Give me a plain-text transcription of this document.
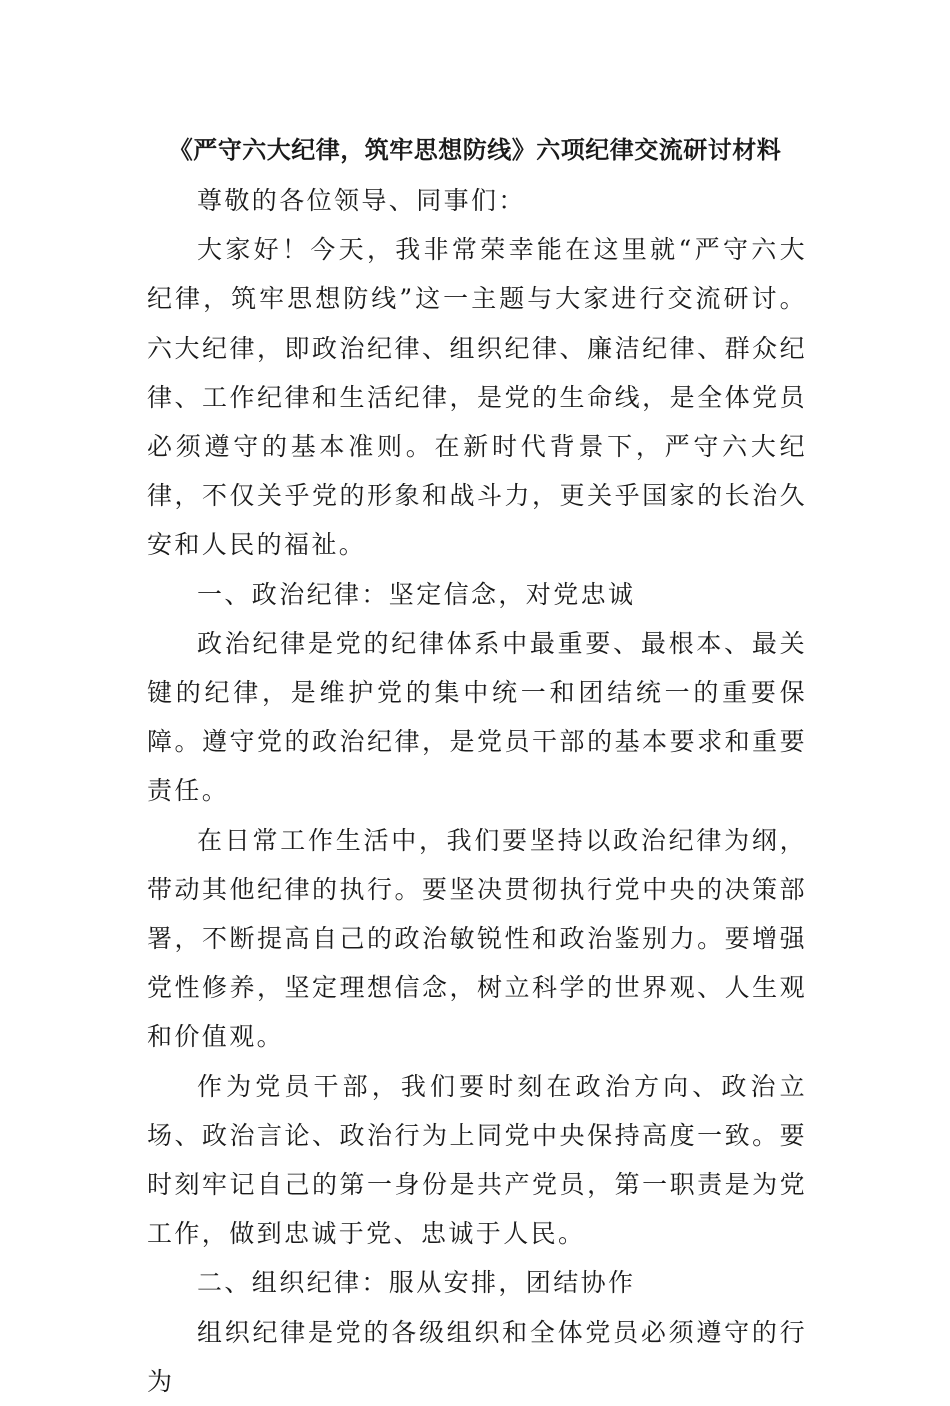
《严守六大纪律，筑牢思想防线》六项纪律交流研讨材料

尊敬的各位领导、同事们：

大家好！今天，我非常荣幸能在这里就“严守六大纪律，筑牢思想防线”这一主题与大家进行交流研讨。六大纪律，即政治纪律、组织纪律、廉洁纪律、群众纪律、工作纪律和生活纪律，是党的生命线，是全体党员必须遵守的基本准则。在新时代背景下，严守六大纪律，不仅关乎党的形象和战斗力，更关乎国家的长治久安和人民的福祉。

一、政治纪律：坚定信念，对党忠诚

政治纪律是党的纪律体系中最重要、最根本、最关键的纪律，是维护党的集中统一和团结统一的重要保障。遵守党的政治纪律，是党员干部的基本要求和重要责任。

在日常工作生活中，我们要坚持以政治纪律为纲，带动其他纪律的执行。要坚决贯彻执行党中央的决策部署，不断提高自己的政治敏锐性和政治鉴别力。要增强党性修养，坚定理想信念，树立科学的世界观、人生观和价值观。

作为党员干部，我们要时刻在政治方向、政治立场、政治言论、政治行为上同党中央保持高度一致。要时刻牢记自己的第一身份是共产党员，第一职责是为党工作，做到忠诚于党、忠诚于人民。

二、组织纪律：服从安排，团结协作

组织纪律是党的各级组织和全体党员必须遵守的行为
